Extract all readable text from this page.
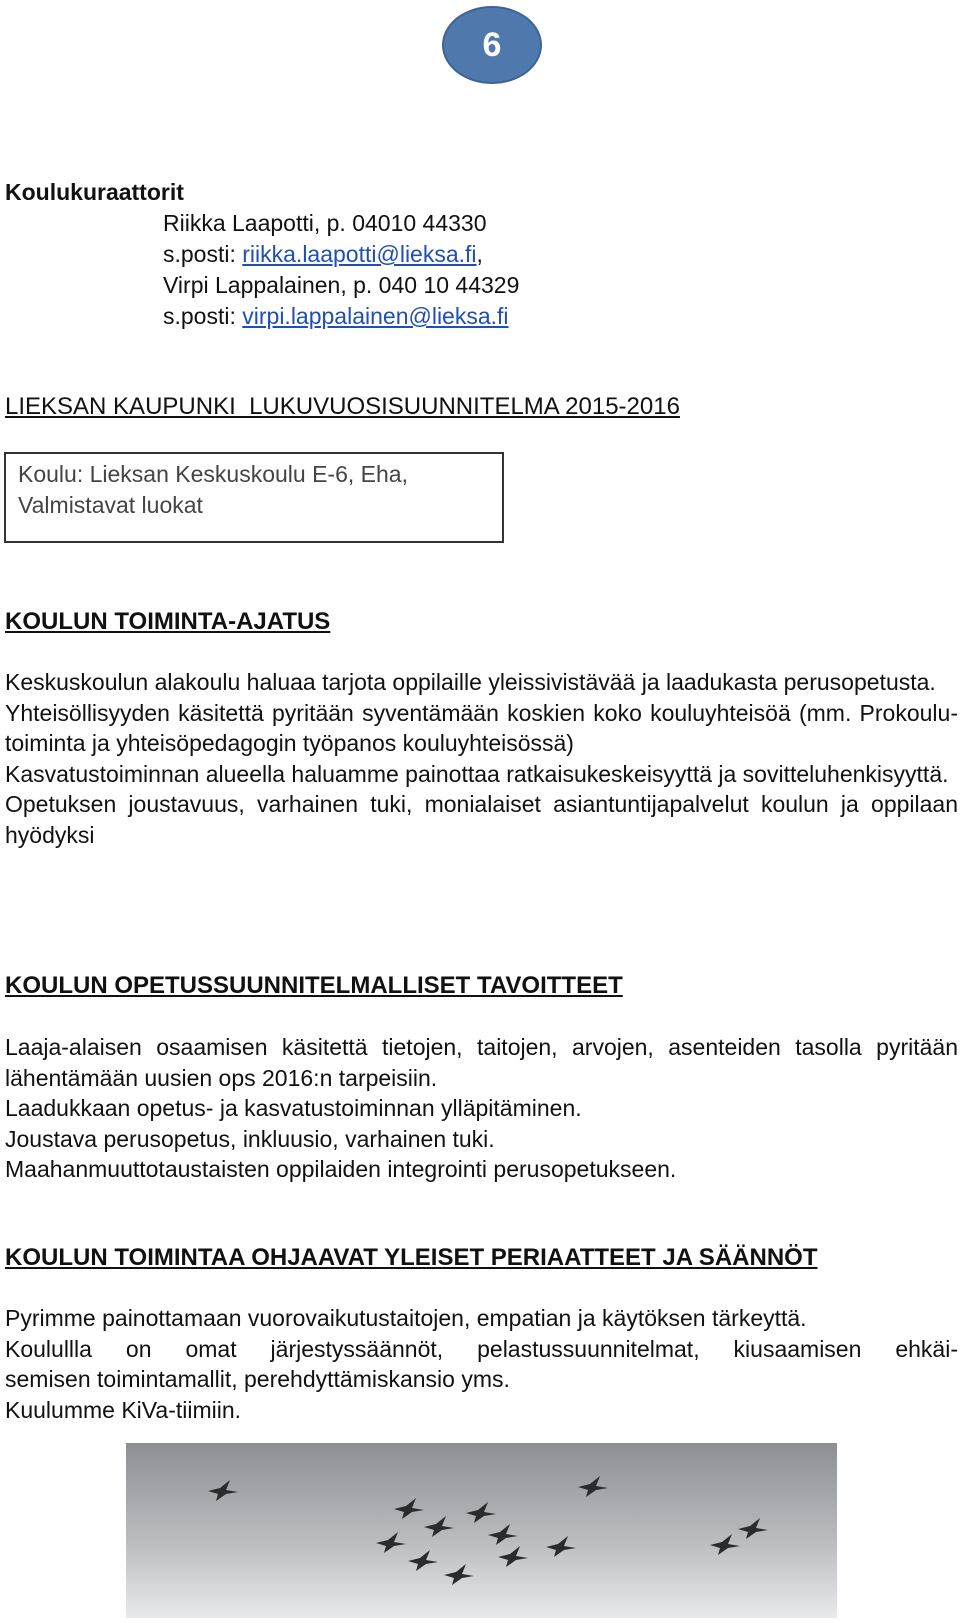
6
Koulukuraattorit
Riikka Laapotti, p. 04010 44330
s.posti: riikka.laapotti@lieksa.fi,
Virpi Lappalainen, p. 040 10 44329
s.posti: virpi.lappalainen@lieksa.fi
LIEKSAN KAUPUNKI  LUKUVUOSISUUNNITELMA 2015-2016
Koulu: Lieksan Keskuskoulu E-6, Eha,
Valmistavat luokat
KOULUN TOIMINTA-AJATUS

Keskuskoulun alakoulu haluaa tarjota oppilaille yleissivistävää ja laadukasta perusopetusta.

Yhteisöllisyyden käsitettä pyritään syventämään koskien koko kouluyhteisöä (mm. Prokoulu-toiminta ja yhteisöpedagogin työpanos kouluyhteisössä)

Kasvatustoiminnan alueella haluamme painottaa ratkaisukeskeisyyttä ja sovitteluhenkisyyttä.

Opetuksen joustavuus, varhainen tuki, monialaiset asiantuntijapalvelut koulun ja oppilaan hyödyksi

KOULUN OPETUSSUUNNITELMALLISET TAVOITTEET

Laaja-alaisen osaamisen käsitettä tietojen, taitojen, arvojen, asenteiden tasolla pyritään lähentämään uusien ops 2016:n tarpeisiin.

Laadukkaan opetus- ja kasvatustoiminnan ylläpitäminen.

Joustava perusopetus, inkluusio, varhainen tuki.

Maahanmuuttotaustaisten oppilaiden integrointi perusopetukseen.

KOULUN TOIMINTAA OHJAAVAT YLEISET PERIAATTEET JA SÄÄNNÖT

Pyrimme painottamaan vuorovaikutustaitojen, empatian ja käytöksen tärkeyttä.

Koulullla on omat järjestyssäännöt, pelastussuunnitelmat, kiusaamisen ehkäi-

semisen toimintamallit, perehdyttämiskansio yms.

Kuulumme KiVa-tiimiin.
